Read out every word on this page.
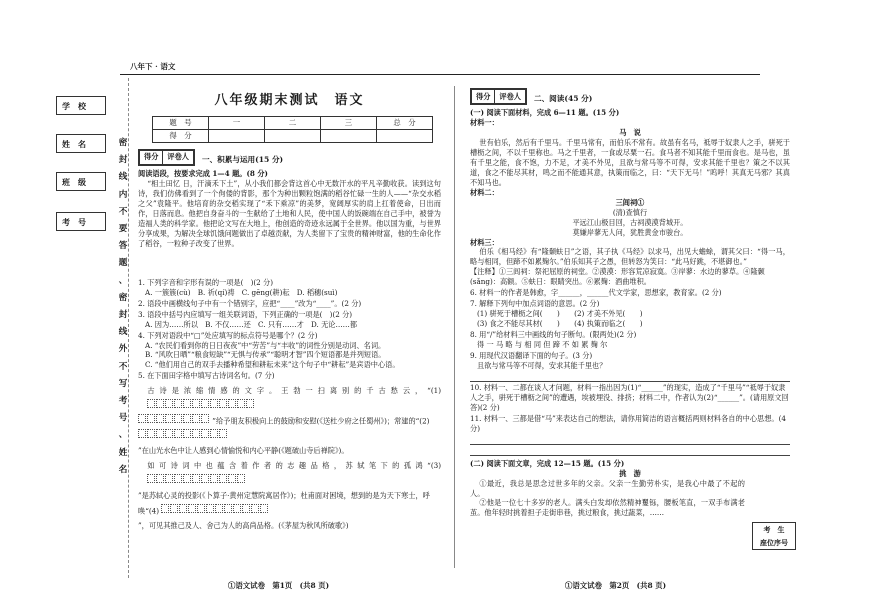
八年下 · 语文
学　校
姓　名
班　级
考　号
密
封
线
内
不
要
答
题
、
密
封
线
外
不
写
考
号
、
姓
名
八年级期末测试　语文
题　号	一	二	三	总　分
得　分				
得分	评卷人 一、积累与运用(15 分)

阅读语段，按要求完成 1—4 题。(8 分)

“相土田忆 日，汗滴禾下土”，从小我们都会背这首心中无数汗水的平凡辛勤收获。读到这句诗，我们仿佛看到了一个佝偻的背影，那个为种出颗粒饱满的稻谷忙碌一生的人——“杂交水稻之父”袁隆平。他培育的杂交稻实现了“禾下乘凉”的美梦，宽阔厚实的肩上扛着使命，日出而作，日落而息。他把自身奋斗的一生献给了土地和人民，使中国人的饭碗端在自己手中，被誉为造福人类的科学家。他把论文写在大地上，他创造的奇迹永远属于全世界。他以国为重，与世界分享成果，为解决全球饥饿问题做出了卓越贡献，为人类留下了宝贵的精神财富，他的生命化作了稻谷，一粒种子改变了世界。

1. 下列字音和字形有误的一项是(　)(2 分)

A. 一簇簇(cù)　B. 祈(qí)祷　C. gēng(耕)耘　D. 稻穗(suì)

2. 语段中画横线句子中有一个错别字，应把“____”改为“____”。(2 分)

3. 语段中括号内应填写一组关联词语，下列正确的一项是(　)(2 分)

A. 因为……所以　B. 不仅……还　C. 只有……才　D. 无论……都

4. 下列对语段中“□”处应填写的标点符号是哪个？(2 分)

A. “农民们看到你的日日夜夜”中“劳苦”与“丰收”的词性分别是动词、名词。

B. “风吹日晒”“粮食短缺”“无惧与传承”“聪明才智”四个短语都是并列短语。

C. “他们用自己的双手去播种希望和耕耘未来”这个句子中“耕耘”是宾语中心语。

5. 在下面田字格中填写古诗词名句。(7 分)

古诗是浓缩情感的文字。王勃一扫离别的千古愁云，“(1)

”给予朋友积极向上的鼓励和安慰(《送杜少府之任蜀州》)；常建的“(2)

”在山光水色中让人感到心情愉悦和内心平静(《题破山寺后禅院》)。

如可诗词中也蕴含着作者的志趣品格，苏轼笔下的孤鸿“(3)

”是苏轼心灵的投影(《卜算子·黄州定慧院寓居作》)；杜甫面对困境，想到的是为天下寒士，呼唤“(4)

”，可见其推己及人、舍己为人的高尚品格。(《茅屋为秋风所破歌》)

得分	评卷人 二、阅读(45 分)

(一) 阅读下面材料，完成 6—11 题。(15 分)

材料一：

马　说

世有伯乐，然后有千里马。千里马常有，而伯乐不常有。故虽有名马，祗辱于奴隶人之手，骈死于槽枥之间，不以千里称也。马之千里者，一食或尽粟一石。食马者不知其能千里而食也。是马也，虽有千里之能，食不饱，力不足，才美不外见，且欲与常马等不可得，安求其能千里也？策之不以其道，食之不能尽其材，鸣之而不能通其意，执策而临之，曰：“天下无马！”呜呼！其真无马邪？其真不知马也。

材料二：

三闾祠①

(清)查慎行

平远江山极目回，古祠漠漠背城开。

莫嫌岸蓼无人问，犹胜黄金市骏台。

材料三：

伯乐《相马经》有“隆颡蚨日”之语，其子执《马经》以求马，出见大蟾蜍，谓其父曰：“得一马，略与相同，但蹄不如累麹尔。”伯乐知其子之愚，但转怒为笑曰：“此马好跳，不堪御也。”

【注释】①三闾祠：祭祀屈原的祠堂。②漠漠：形容荒凉寂寞。③岸蓼：水边的蓼草。④隆颡(sǎng)：高额。⑤蚨日：眼睛突出。⑥累麹：酒曲堆积。

6. 材料一的作者是韩愈，字______，______代文学家，思想家，教育家。(2 分)

7. 解释下列句中加点词语的意思。(2 分)

(1) 骈死于槽枥之间(　　)　　(2) 才美不外见(　　)

(3) 食之不能尽其材(　　)　　(4) 执策而临之(　　)

8. 用“/”给材料三中画线的句子断句。(限两处)(2 分)

得 一 马 略 与 相 同 但 蹄 不 如 累 麹 尔

9. 用现代汉语翻译下面的句子。(3 分)

且欲与常马等不可得，安求其能千里也？

10. 材料一、二都在谈人才问题，材料一指出因为(1)“______”的现实，造成了“千里马”“祗辱于奴隶人之手，骈死于槽枥之间”的遭遇，埃被埋没、排挤；材料二中，作者认为(2)“______”。(请用原文回答)(2 分)

11. 材料一、三都是借“马”来表达自己的想法，请你用简洁的语言概括两则材料各自的中心思想。(4 分)

(二) 阅读下面文章，完成 12—15 题。(15 分)

挑　游

①最近，我总是思念过世多年的父亲。父亲一生勤劳朴实，是我心中最了不起的人。

②他是一位七十多岁的老人。满头白发却依然精神矍铄，腰板笔直，一双手布满老茧。他年轻时挑着担子走街串巷，挑过粮食，挑过蔬菜，……

考　生
座位序号
①语文试卷　第1页　(共8 页)	①语文试卷　第2页　(共8 页)
